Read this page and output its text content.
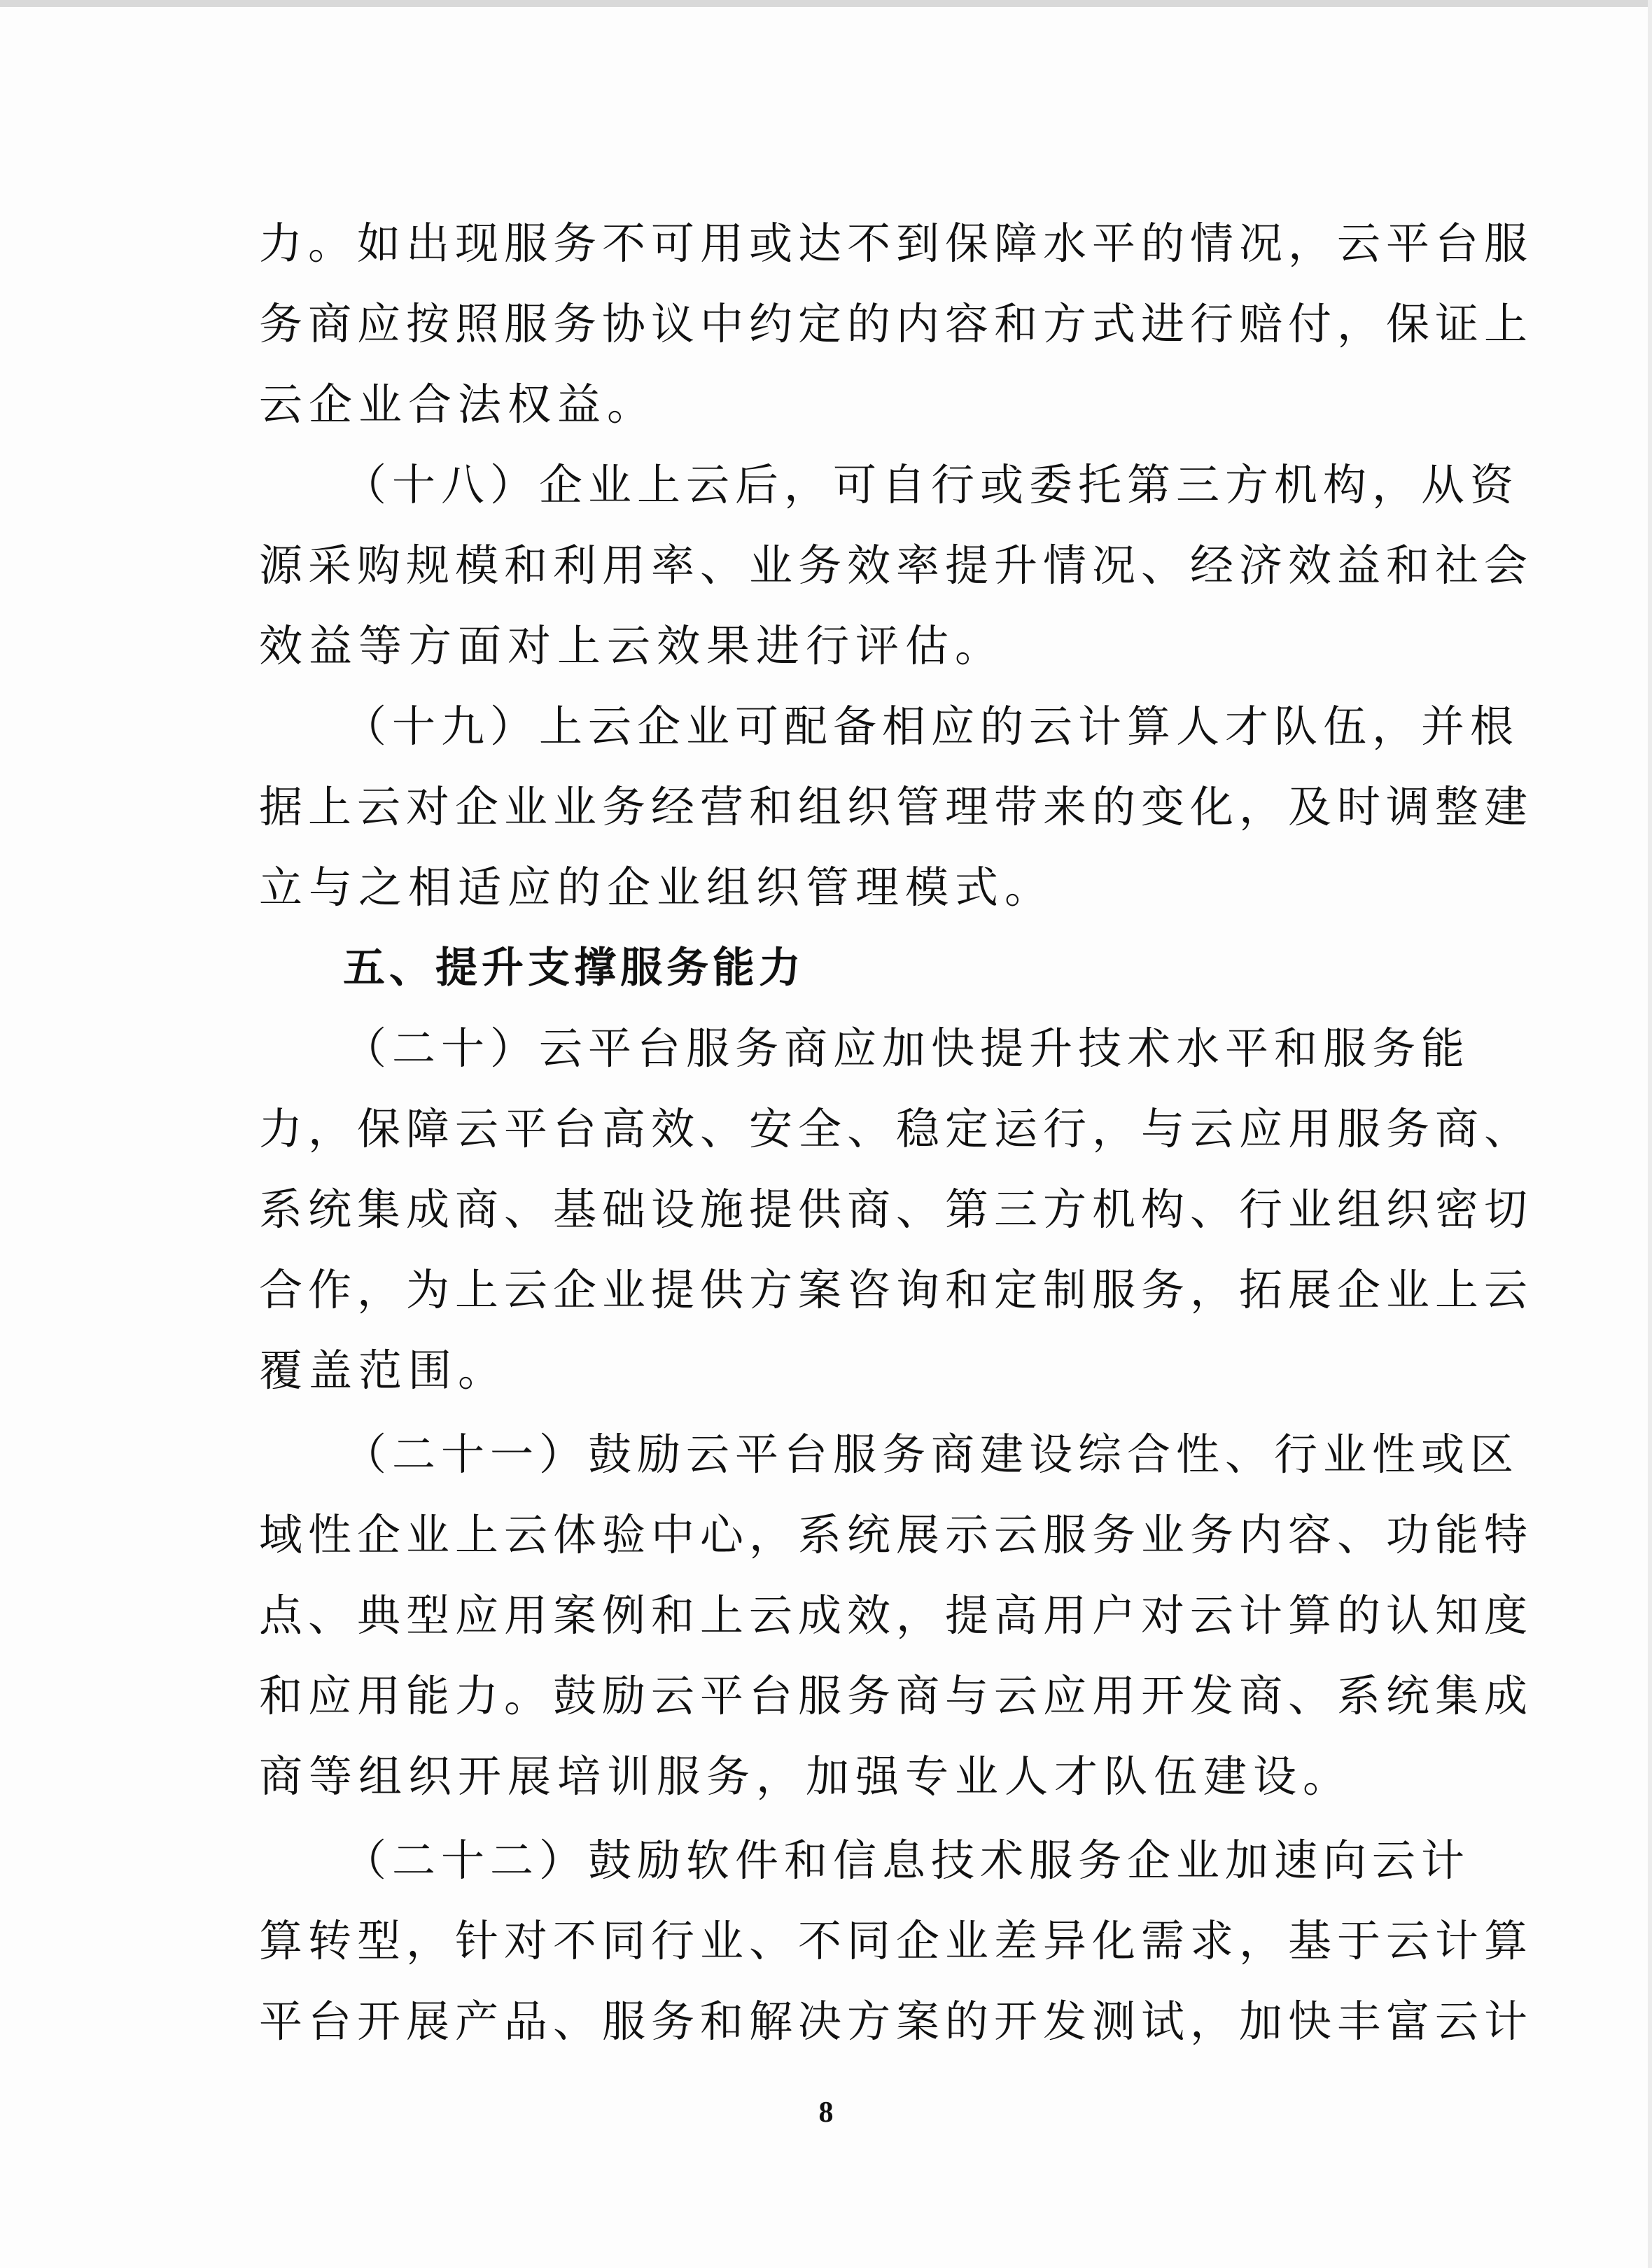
力。如出现服务不可用或达不到保障水平的情况，云平台服
务商应按照服务协议中约定的内容和方式进行赔付，保证上
云企业合法权益。
（十八）企业上云后，可自行或委托第三方机构，从资
源采购规模和利用率、业务效率提升情况、经济效益和社会
效益等方面对上云效果进行评估。
（十九）上云企业可配备相应的云计算人才队伍，并根
据上云对企业业务经营和组织管理带来的变化，及时调整建
立与之相适应的企业组织管理模式。
五、提升支撑服务能力
（二十）云平台服务商应加快提升技术水平和服务能
力，保障云平台高效、安全、稳定运行，与云应用服务商、
系统集成商、基础设施提供商、第三方机构、行业组织密切
合作，为上云企业提供方案咨询和定制服务，拓展企业上云
覆盖范围。
（二十一）鼓励云平台服务商建设综合性、行业性或区
域性企业上云体验中心，系统展示云服务业务内容、功能特
点、典型应用案例和上云成效，提高用户对云计算的认知度
和应用能力。鼓励云平台服务商与云应用开发商、系统集成
商等组织开展培训服务，加强专业人才队伍建设。
（二十二）鼓励软件和信息技术服务企业加速向云计
算转型，针对不同行业、不同企业差异化需求，基于云计算
平台开展产品、服务和解决方案的开发测试，加快丰富云计
8
